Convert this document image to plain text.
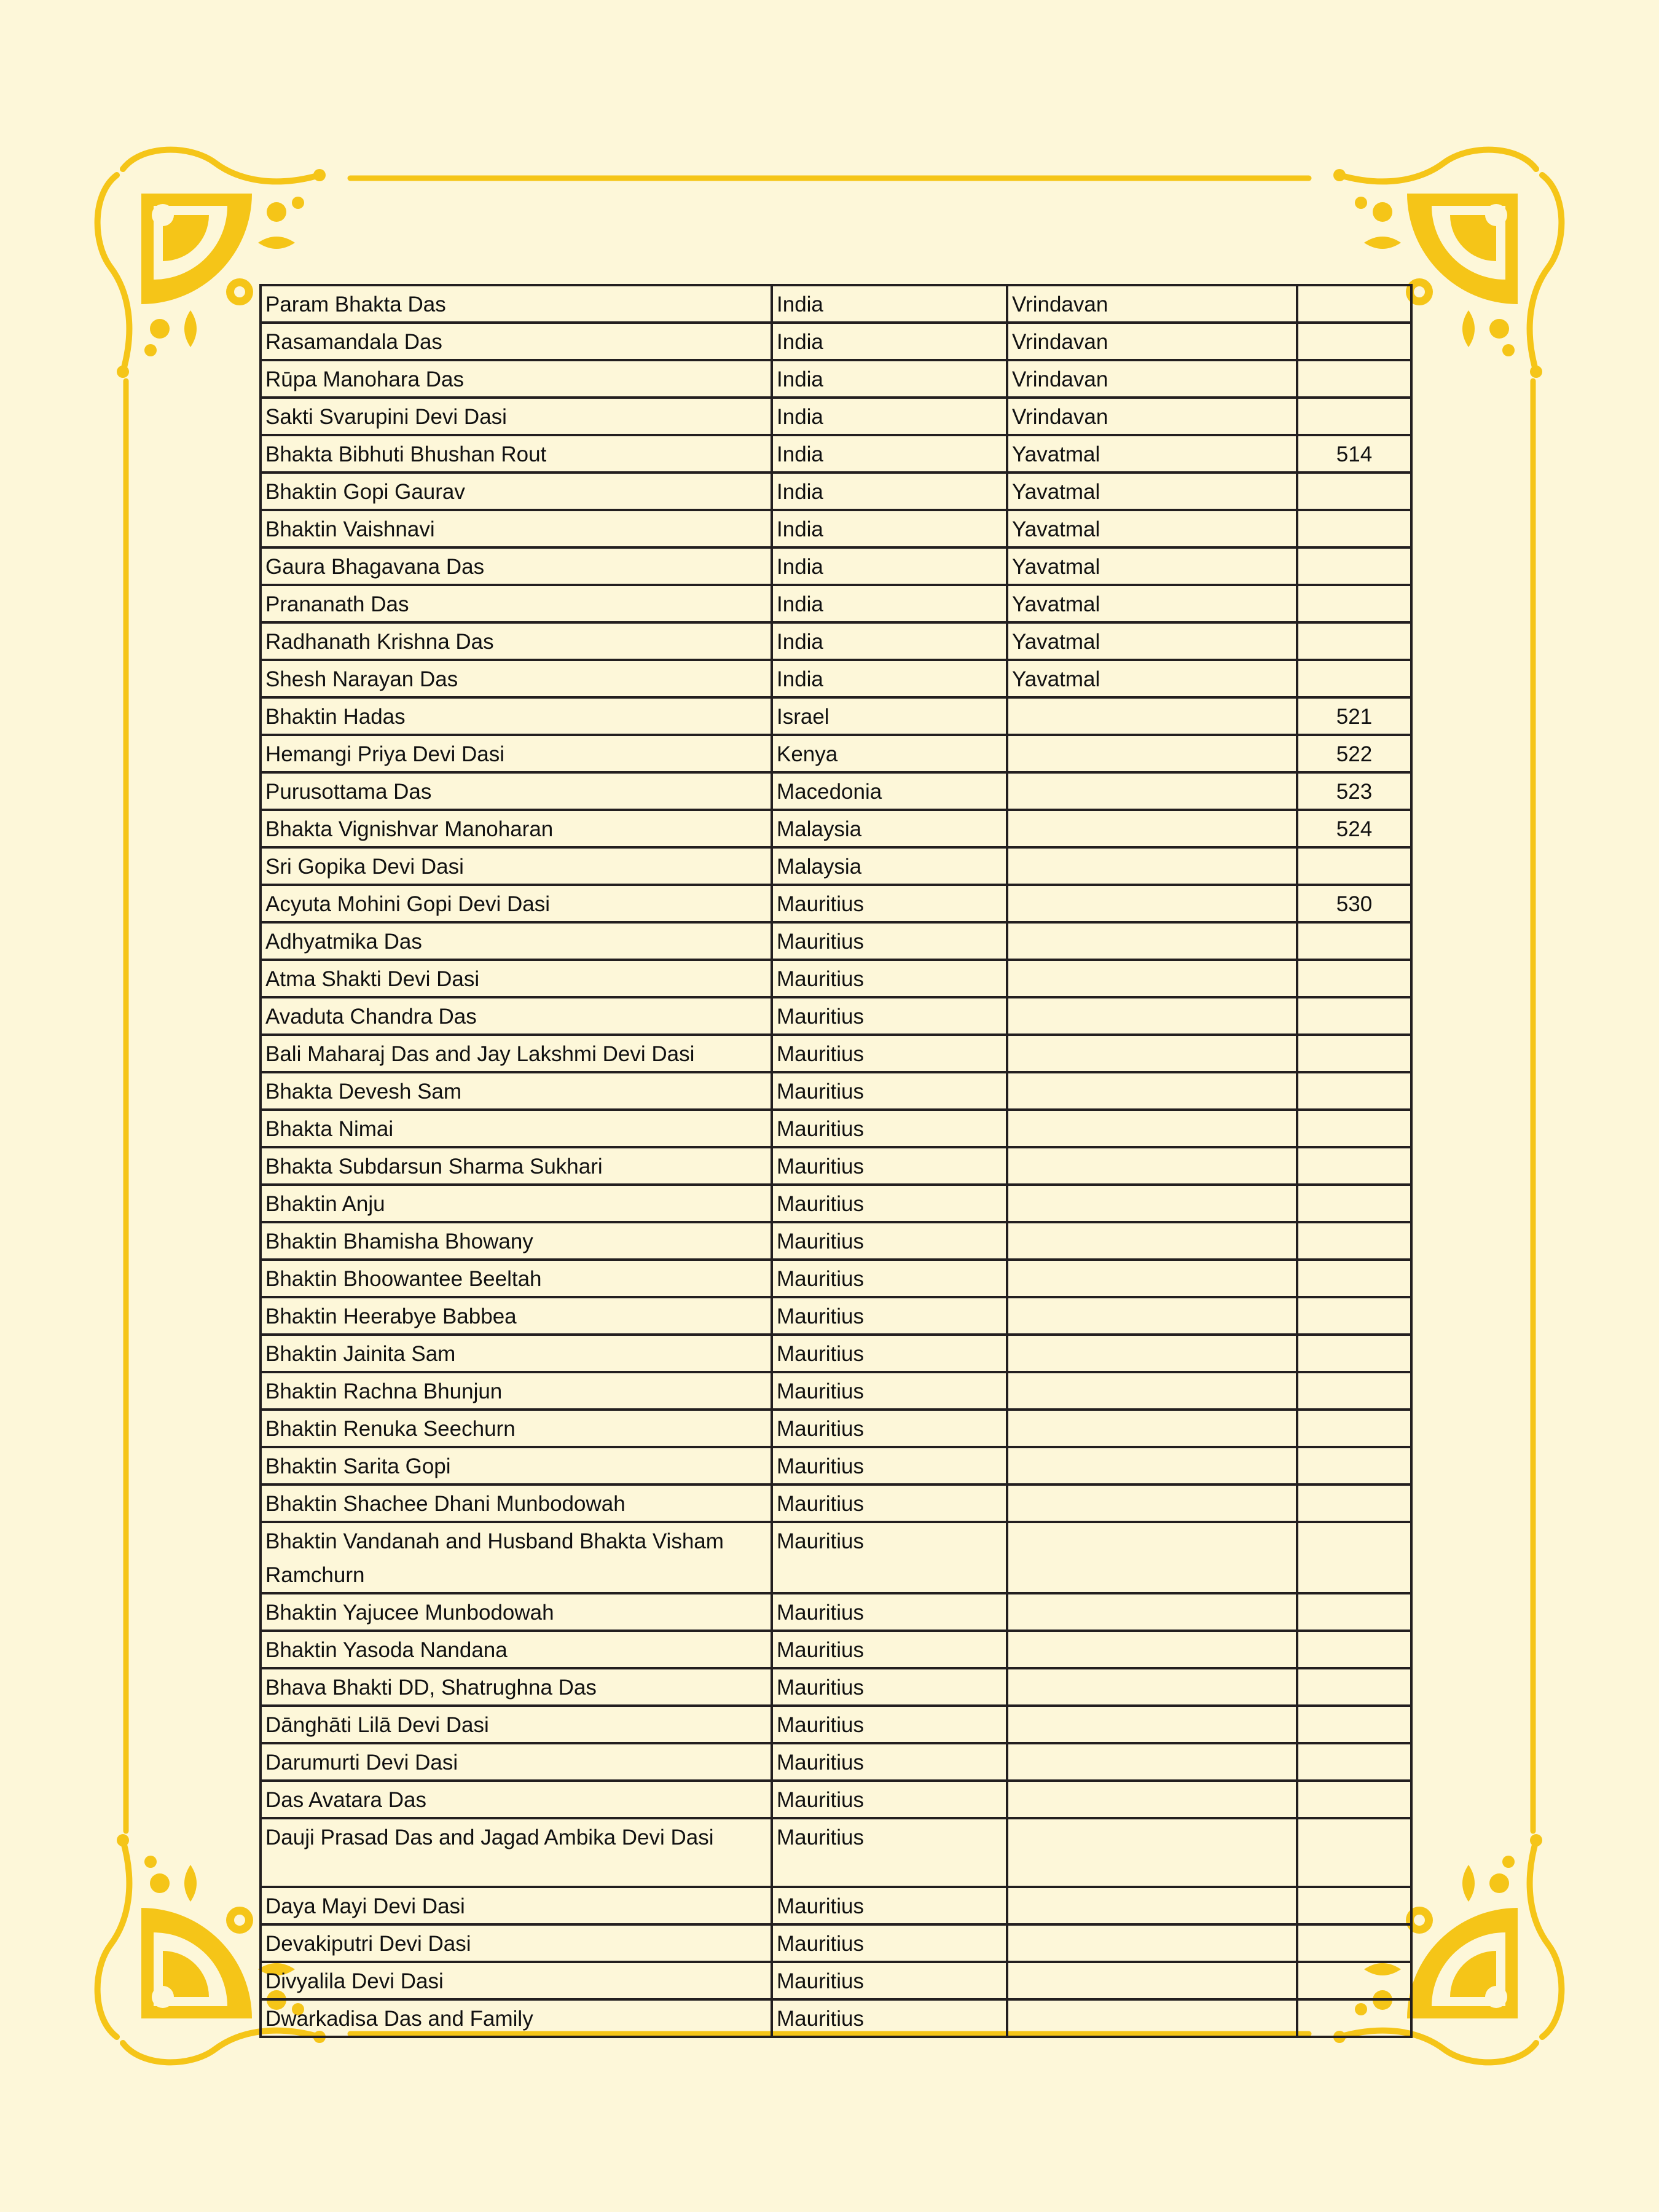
Param Bhakta Das	India	Vrindavan	
Rasamandala Das	India	Vrindavan	
Rūpa Manohara Das	India	Vrindavan	
Sakti Svarupini Devi Dasi	India	Vrindavan	
Bhakta Bibhuti Bhushan Rout	India	Yavatmal	514
Bhaktin Gopi Gaurav	India	Yavatmal	
Bhaktin Vaishnavi	India	Yavatmal	
Gaura Bhagavana Das	India	Yavatmal	
Prananath Das	India	Yavatmal	
Radhanath Krishna Das	India	Yavatmal	
Shesh Narayan Das	India	Yavatmal	
Bhaktin Hadas	Israel		521
Hemangi Priya Devi Dasi	Kenya		522
Purusottama Das	Macedonia		523
Bhakta Vignishvar Manoharan	Malaysia		524
Sri Gopika Devi Dasi	Malaysia		
Acyuta Mohini Gopi Devi Dasi	Mauritius		530
Adhyatmika Das	Mauritius		
Atma Shakti Devi Dasi	Mauritius		
Avaduta Chandra Das	Mauritius		
Bali Maharaj Das and Jay Lakshmi Devi Dasi	Mauritius		
Bhakta Devesh Sam	Mauritius		
Bhakta Nimai	Mauritius		
Bhakta Subdarsun Sharma Sukhari	Mauritius		
Bhaktin Anju	Mauritius		
Bhaktin Bhamisha Bhowany	Mauritius		
Bhaktin Bhoowantee Beeltah	Mauritius		
Bhaktin Heerabye Babbea	Mauritius		
Bhaktin Jainita Sam	Mauritius		
Bhaktin Rachna Bhunjun	Mauritius		
Bhaktin Renuka Seechurn	Mauritius		
Bhaktin Sarita Gopi	Mauritius		
Bhaktin Shachee Dhani Munbodowah	Mauritius		
Bhaktin Vandanah and Husband Bhakta Visham Ramchurn	Mauritius		
Bhaktin Yajucee Munbodowah	Mauritius		
Bhaktin Yasoda Nandana	Mauritius		
Bhava Bhakti DD, Shatrughna Das	Mauritius		
Dānghāti Lilā Devi Dasi	Mauritius		
Darumurti Devi Dasi	Mauritius		
Das Avatara Das	Mauritius		
Dauji Prasad Das and Jagad Ambika Devi Dasi	Mauritius		
Daya Mayi Devi Dasi	Mauritius		
Devakiputri Devi Dasi	Mauritius		
Divyalila Devi Dasi	Mauritius		
Dwarkadisa Das and Family	Mauritius		
